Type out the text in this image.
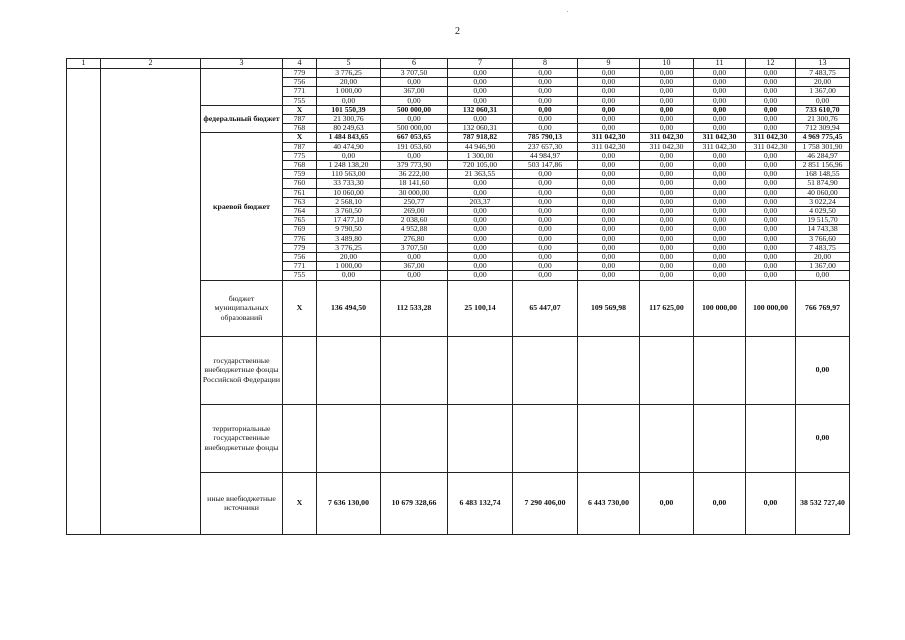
.
2
1	2	3	4	5	6	7	8	9	10	11	12	13
			779	3 776,25	3 707,50	0,00	0,00	0,00	0,00	0,00	0,00	7 483,75
			756	20,00	0,00	0,00	0,00	0,00	0,00	0,00	0,00	20,00
			771	1 000,00	367,00	0,00	0,00	0,00	0,00	0,00	0,00	1 367,00
			755	0,00	0,00	0,00	0,00	0,00	0,00	0,00	0,00	0,00
		федеральный бюджет	X	101 550,39	500 000,00	132 060,31	0,00	0,00	0,00	0,00	0,00	733 610,70
			787	21 300,76	0,00	0,00	0,00	0,00	0,00	0,00	0,00	21 300,76
			768	80 249,63	500 000,00	132 060,31	0,00	0,00	0,00	0,00	0,00	712 309,94
		краевой бюджет	X	1 484 843,65	667 053,65	787 918,82	785 790,13	311 042,30	311 042,30	311 042,30	311 042,30	4 969 775,45
			787	40 474,90	191 053,60	44 946,90	237 657,30	311 042,30	311 042,30	311 042,30	311 042,30	1 758 301,90
			775	0,00	0,00	1 300,00	44 984,97	0,00	0,00	0,00	0,00	46 284,97
			768	1 248 138,20	379 773,90	720 105,00	503 147,86	0,00	0,00	0,00	0,00	2 851 156,96
			759	110 563,00	36 222,00	21 363,55	0,00	0,00	0,00	0,00	0,00	168 148,55
			760	33 733,30	18 141,60	0,00	0,00	0,00	0,00	0,00	0,00	51 874,90
			761	10 060,00	30 000,00	0,00	0,00	0,00	0,00	0,00	0,00	40 060,00
			763	2 568,10	250,77	203,37	0,00	0,00	0,00	0,00	0,00	3 022,24
			764	3 760,50	269,00	0,00	0,00	0,00	0,00	0,00	0,00	4 029,50
			765	17 477,10	2 038,60	0,00	0,00	0,00	0,00	0,00	0,00	19 515,70
			769	9 790,50	4 952,88	0,00	0,00	0,00	0,00	0,00	0,00	14 743,38
			776	3 489,80	276,80	0,00	0,00	0,00	0,00	0,00	0,00	3 766,60
			779	3 776,25	3 707,50	0,00	0,00	0,00	0,00	0,00	0,00	7 483,75
			756	20,00	0,00	0,00	0,00	0,00	0,00	0,00	0,00	20,00
			771	1 000,00	367,00	0,00	0,00	0,00	0,00	0,00	0,00	1 367,00
			755	0,00	0,00	0,00	0,00	0,00	0,00	0,00	0,00	0,00
		бюджет муниципальных образований	X	136 494,50	112 533,28	25 100,14	65 447,07	109 569,98	117 625,00	100 000,00	100 000,00	766 769,97
		государственные внебюджетные фонды Российской Федерации										0,00
		территориальные государственные внебюджетные фонды										0,00
		иные внебюджетные источники	X	7 636 130,00	10 679 328,66	6 483 132,74	7 290 406,00	6 443 730,00	0,00	0,00	0,00	38 532 727,40
